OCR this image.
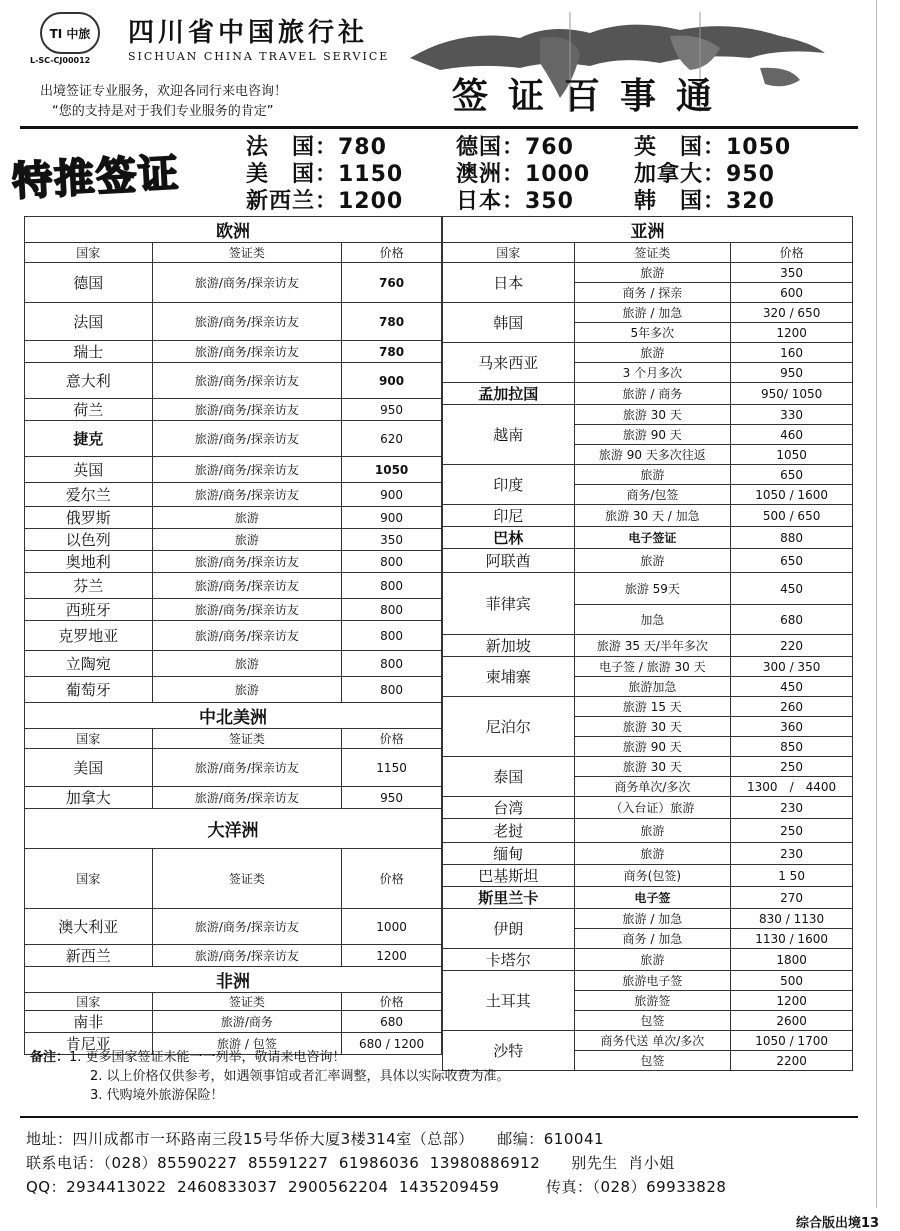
TI 中旅
L-SC-CJ00012
四川省中国旅行社
SICHUAN CHINA TRAVEL SERVICE
出境签证专业服务，欢迎各同行来电咨询！
“您的支持是对于我们专业服务的肯定”	签证百事通
特推签证
法　国：780	德国：760	英　国：1050
美　国：1150	澳洲：1000	加拿大：950
新西兰：1200	日本：350	韩　国：320
欧洲		
国家	签证类	价格
德国	旅游/商务/探亲访友	760
法国	旅游/商务/探亲访友	780
瑞士	旅游/商务/探亲访友	780
意大利	旅游/商务/探亲访友	900
荷兰	旅游/商务/探亲访友	950
捷克	旅游/商务/探亲访友	620
英国	旅游/商务/探亲访友	1050
爱尔兰	旅游/商务/探亲访友	900
俄罗斯	旅游	900
以色列	旅游	350
奥地利	旅游/商务/探亲访友	800
芬兰	旅游/商务/探亲访友	800
西班牙	旅游/商务/探亲访友	800
克罗地亚	旅游/商务/探亲访友	800
立陶宛	旅游	800
葡萄牙	旅游	800
中北美洲		
国家	签证类	价格
美国	旅游/商务/探亲访友	1150
加拿大	旅游/商务/探亲访友	950
大洋洲		
国家	签证类	价格
澳大利亚	旅游/商务/探亲访友	1000
新西兰	旅游/商务/探亲访友	1200
非洲		
国家	签证类	价格
南非	旅游/商务	680
肯尼亚	旅游 / 包签	680 / 1200
亚洲		
国家	签证类	价格
日本	旅游	350
	商务 / 探亲	600
韩国	旅游 / 加急	320 / 650
	5年多次	1200
马来西亚	旅游	160
	3 个月多次	950
孟加拉国	旅游 / 商务	950/ 1050
越南	旅游 30 天	330
	旅游 90 天	460
	旅游 90 天多次往返	1050
印度	旅游	650
	商务/包签	1050 / 1600
印尼	旅游 30 天 / 加急	500 / 650
巴林	电子签证	880
阿联酋	旅游	650
菲律宾	旅游 59天	450
	加急	680
新加坡	旅游 35 天/半年多次	220
柬埔寨	电子签 / 旅游 30 天	300 / 350
	旅游加急	450
尼泊尔	旅游 15 天	260
	旅游 30 天	360
	旅游 90 天	850
泰国	旅游 30 天	250
	商务单次/多次	1300　/　4400
台湾	（入台证）旅游	230
老挝	旅游	250
缅甸	旅游	230
巴基斯坦	商务(包签)	1 50
斯里兰卡	电子签	270
伊朗	旅游 / 加急	830 / 1130
	商务 / 加急	1130 / 1600
卡塔尔	旅游	1800
土耳其	旅游电子签	500
	旅游签	1200
	包签	2600
沙特	商务代送 单次/多次	1050 / 1700
	包签	2200
备注：1. 更多国家签证未能一一列举，敬请来电咨询！
2. 以上价格仅供参考，如遇领事馆或者汇率调整，具体以实际收费为准。
3. 代购境外旅游保险！
地址：四川成都市一环路南三段15号华侨大厦3楼314室（总部）　　邮编：610041
联系电话：（028）85590227  85591227  61986036  13980886912　　别先生  肖小姐
QQ：2934413022  2460833037  2900562204  1435209459　　　传真：（028）69933828
综合版出境13
